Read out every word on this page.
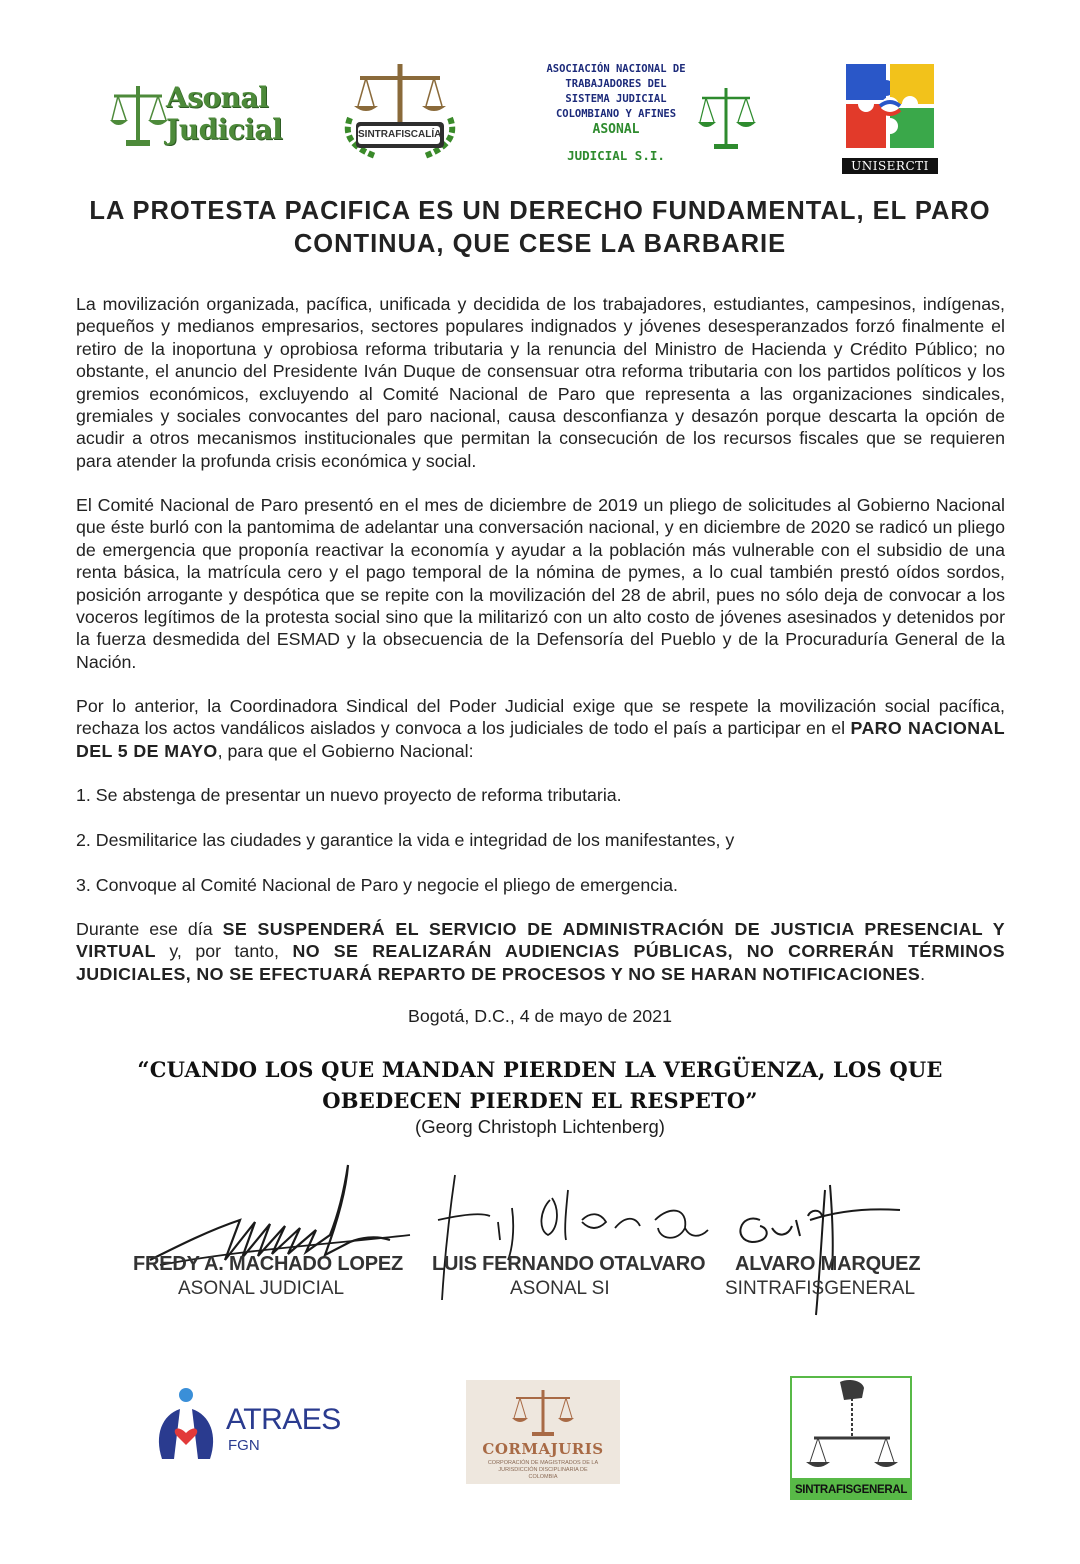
Asonal
Judicial	SINTRAFISCALÍA
ASOCIACIÓN NACIONAL DE
TRABAJADORES DEL
SISTEMA JUDICIAL
COLOMBIANO Y AFINES
ASONAL
JUDICIAL S.I.
UNISERCTI
LA PROTESTA PACIFICA ES UN DERECHO FUNDAMENTAL, EL PARO CONTINUA, QUE CESE LA BARBARIE
La movilización organizada, pacífica, unificada y decidida de los trabajadores, estudiantes, campesinos, indígenas, pequeños y medianos empresarios, sectores populares indignados y jóvenes desesperanzados forzó finalmente el retiro de la inoportuna y oprobiosa reforma tributaria y la renuncia del Ministro de Hacienda y Crédito Público; no obstante, el anuncio del Presidente Iván Duque de consensuar otra reforma tributaria con los partidos políticos y los gremios económicos, excluyendo al Comité Nacional de Paro que representa a las organizaciones sindicales, gremiales y sociales convocantes del paro nacional, causa desconfianza y desazón porque descarta la opción de acudir a otros mecanismos institucionales que permitan la consecución de los recursos fiscales que se requieren para atender la profunda crisis económica y social.
El Comité Nacional de Paro presentó en el mes de diciembre de 2019 un pliego de solicitudes al Gobierno Nacional que éste burló con la pantomima de adelantar una conversación nacional, y en diciembre de 2020 se radicó un pliego de emergencia que proponía reactivar la economía y ayudar a la población más vulnerable con el subsidio de una renta básica, la matrícula cero y el pago temporal de la nómina de pymes, a lo cual también prestó oídos sordos, posición arrogante y despótica que se repite con la movilización del 28 de abril, pues no sólo deja de convocar a los voceros legítimos de la protesta social sino que la militarizó con un alto costo de jóvenes asesinados y detenidos por la fuerza desmedida del ESMAD y la obsecuencia de la Defensoría del Pueblo y de la Procuraduría General de la Nación.
Por lo anterior, la Coordinadora Sindical del Poder Judicial exige que se respete la movilización social pacífica, rechaza los actos vandálicos aislados y convoca a los judiciales de todo el país a participar en el PARO NACIONAL DEL 5 DE MAYO, para que el Gobierno Nacional:
1. Se abstenga de presentar un nuevo proyecto de reforma tributaria.
2. Desmilitarice las ciudades y garantice la vida e integridad de los manifestantes, y
3. Convoque al Comité Nacional de Paro y negocie el pliego de emergencia.
Durante ese día SE SUSPENDERÁ EL SERVICIO DE ADMINISTRACIÓN DE JUSTICIA PRESENCIAL Y VIRTUAL y, por tanto, NO SE REALIZARÁN AUDIENCIAS PÚBLICAS, NO CORRERÁN TÉRMINOS JUDICIALES, NO SE EFECTUARÁ REPARTO DE PROCESOS Y NO SE HARAN NOTIFICACIONES.
Bogotá, D.C., 4 de mayo de 2021
“CUANDO LOS QUE MANDAN PIERDEN LA VERGÜENZA, LOS QUE OBEDECEN PIERDEN EL RESPETO”
(Georg Christoph Lichtenberg)
FREDY A. MACHADO LOPEZ
ASONAL JUDICIAL
LUIS FERNANDO OTALVARO
ASONAL SI
ALVARO MARQUEZ
SINTRAFISGENERAL
ATRAES
FGN	CORMAJURIS
CORPORACIÓN DE MAGISTRADOS DE LA JURISDICCIÓN DISCIPLINARIA DE COLOMBIA
SINTRAFISGENERAL
